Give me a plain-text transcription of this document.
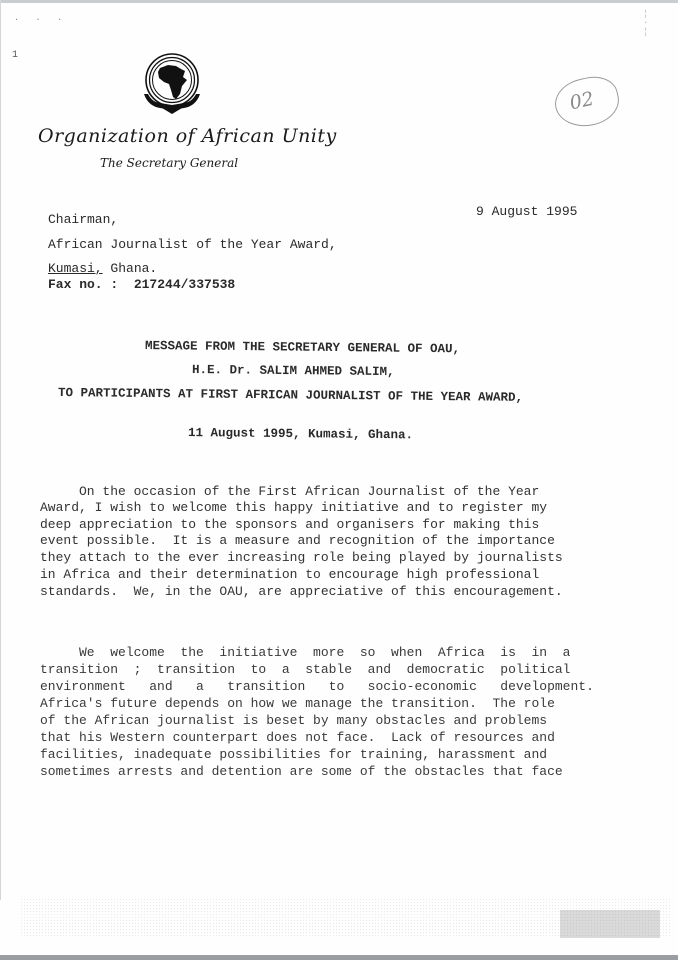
. . .
1
Organization of African Unity
The Secretary General
02
¦
·
¦
9 August 1995
Chairman,
African Journalist of the Year Award,
Kumasi, Ghana.
Fax no. :  217244/337538
MESSAGE FROM THE SECRETARY GENERAL OF OAU,
H.E. Dr. SALIM AHMED SALIM,
TO PARTICIPANTS AT FIRST AFRICAN JOURNALIST OF THE YEAR AWARD,
11 August 1995, Kumasi, Ghana.
On the occasion of the First African Journalist of the Year
Award, I wish to welcome this happy initiative and to register my
deep appreciation to the sponsors and organisers for making this
event possible.  It is a measure and recognition of the importance
they attach to the ever increasing role being played by journalists
in Africa and their determination to encourage high professional
standards.  We, in the OAU, are appreciative of this encouragement.
We  welcome  the  initiative  more  so  when  Africa  is  in  a
transition  ;  transition  to  a  stable  and  democratic  political
environment   and   a   transition   to   socio-economic   development.
Africa's future depends on how we manage the transition.  The role
of the African journalist is beset by many obstacles and problems
that his Western counterpart does not face.  Lack of resources and
facilities, inadequate possibilities for training, harassment and
sometimes arrests and detention are some of the obstacles that face
